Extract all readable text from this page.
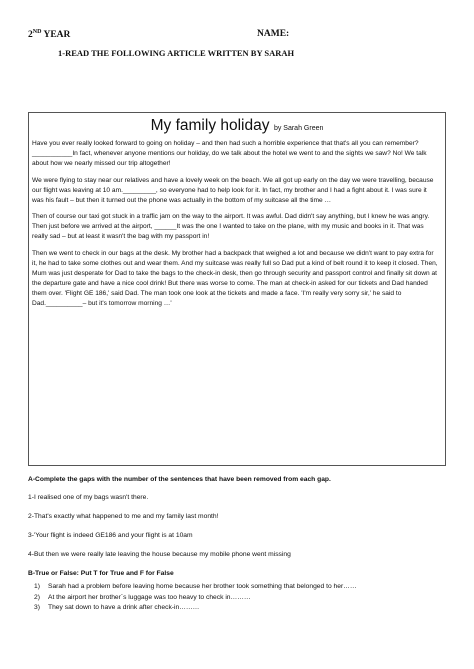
2ND YEAR	NAME:
1-READ THE FOLLOWING ARTICLE WRITTEN BY SARAH
My family holiday by Sarah Green

Have you ever really looked forward to going on holiday – and then had such a horrible experience that that's all you can remember? ___________In fact, whenever anyone mentions our holiday, do we talk about the hotel we went to and the sights we saw? No! We talk about how we nearly missed our trip altogether!

We were flying to stay near our relatives and have a lovely week on the beach. We all got up early on the day we were travelling, because our flight was leaving at 10 am._________, so everyone had to help look for it. In fact, my brother and I had a fight about it. I was sure it was his fault – but then it turned out the phone was actually in the bottom of my suitcase all the time …

Then of course our taxi got stuck in a traffic jam on the way to the airport. It was awful. Dad didn't say anything, but I knew he was angry. Then just before we arrived at the airport, ______It was the one I wanted to take on the plane, with my music and books in it. That was really sad – but at least it wasn't the bag with my passport in!

Then we went to check in our bags at the desk. My brother had a backpack that weighed a lot and because we didn't want to pay extra for it, he had to take some clothes out and wear them. And my suitcase was really full so Dad put a kind of belt round it to keep it closed. Then, Mum was just desperate for Dad to take the bags to the check-in desk, then go through security and passport control and finally sit down at the departure gate and have a nice cool drink! But there was worse to come. The man at check-in asked for our tickets and Dad handed them over. 'Flight GE 186,' said Dad. The man took one look at the tickets and made a face. 'I'm really very sorry sir,' he said to Dad.__________– but it's tomorrow morning …'

A-Complete the gaps with the number of the sentences that have been removed from each gap.
1-I realised one of my bags wasn't there.
2-That's exactly what happened to me and my family last month!
3-'Your flight is indeed GE186 and your flight is at 10am
4-But then we were really late leaving the house because my mobile phone went missing
B-True or False: Put T for True and F for False
1) Sarah had a problem before leaving home because her brother took something that belonged to her……
2) At the airport her brother`s luggage was too heavy to check in………
3) They sat down to have a drink after check-in………
